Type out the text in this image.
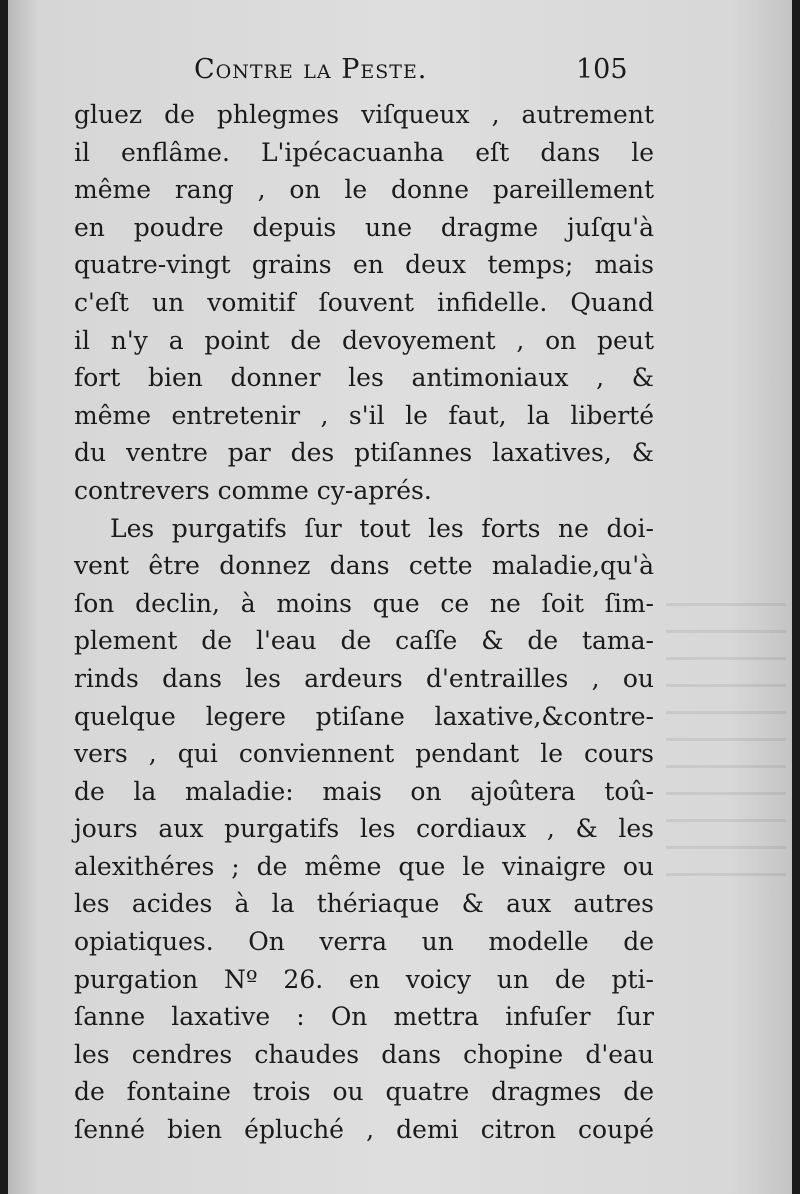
Contre la Peste.	105
gluez de phlegmes viſqueux , autrement
il enflâme. L'ipécacuanha eſt dans le
même rang , on le donne pareillement
en poudre depuis une dragme juſqu'à
quatre-vingt grains en deux temps; mais
c'eſt un vomitif ſouvent infidelle. Quand
il n'y a point de devoyement , on peut
fort bien donner les antimoniaux , &
même entretenir , s'il le faut, la liberté
du ventre par des ptiſannes laxatives, &
contrevers comme cy-aprés.
Les purgatifs ſur tout les forts ne doi-
vent être donnez dans cette maladie,qu'à
ſon declin, à moins que ce ne ſoit ſim-
plement de l'eau de caſſe & de tama-
rinds dans les ardeurs d'entrailles , ou
quelque legere ptiſane laxative,&contre-
vers , qui conviennent pendant le cours
de la maladie: mais on ajoûtera toû-
jours aux purgatifs les cordiaux , & les
alexithéres ; de même que le vinaigre ou
les acides à la thériaque & aux autres
opiatiques. On verra un modelle de
purgation Nº 26. en voicy un de pti-
ſanne laxative : On mettra infuſer ſur
les cendres chaudes dans chopine d'eau
de fontaine trois ou quatre dragmes de
ſenné bien épluché , demi citron coupé
